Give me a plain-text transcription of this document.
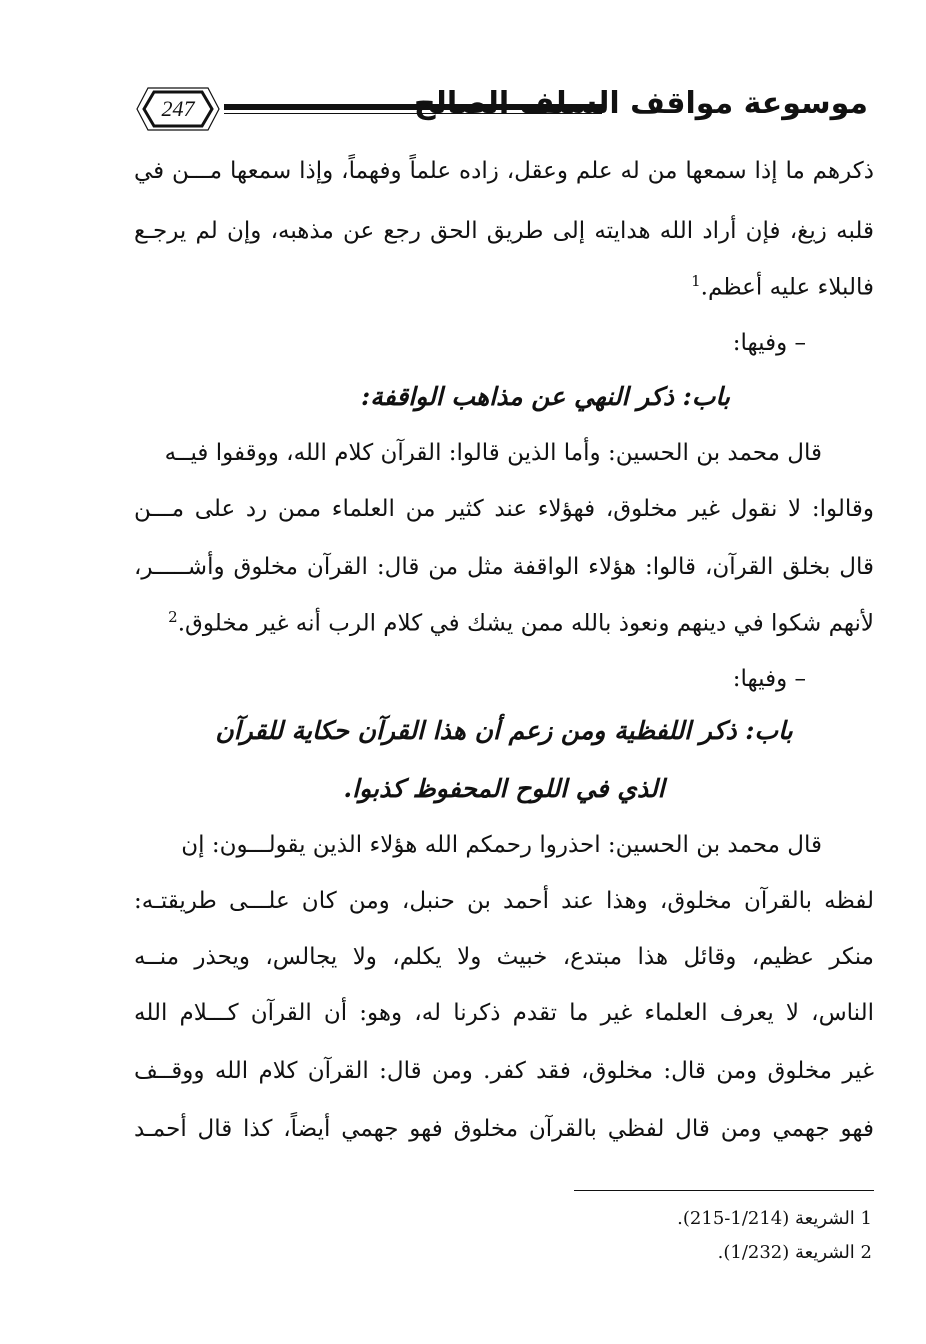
247	موسوعة مواقف السلف الصالح
ذكرهم ما إذا سمعها من له علم وعقل، زاده علماً وفهماً، وإذا سمعها مـــن في
قلبه زيغ، فإن أراد الله هدايته إلى طريق الحق رجع عن مذهبه، وإن لم يرجـع
فالبلاء عليه أعظم.$^1$
– وفيها:
باب: ذكر النهي عن مذاهب الواقفة:
قال محمد بن الحسين: وأما الذين قالوا: القرآن كلام الله، ووقفوا فيــه
وقالوا: لا نقول غير مخلوق، فهؤلاء عند كثير من العلماء ممن رد على مـــن
قال بخلق القرآن، قالوا: هؤلاء الواقفة مثل من قال: القرآن مخلوق وأشـــــر،
لأنهم شكوا في دينهم ونعوذ بالله ممن يشك في كلام الرب أنه غير مخلوق.$^2$
– وفيها:
باب: ذكر اللفظية ومن زعم أن هذا القرآن حكاية للقرآن
الذي في اللوح المحفوظ كذبوا.
قال محمد بن الحسين: احذروا رحمكم الله هؤلاء الذين يقولـــون: إن
لفظه بالقرآن مخلوق، وهذا عند أحمد بن حنبل، ومن كان علـــى طريقتـه:
منكر عظيم، وقائل هذا مبتدع، خبيث ولا يكلم، ولا يجالس، ويحذر منــه
الناس، لا يعرف العلماء غير ما تقدم ذكرنا له، وهو: أن القرآن كـــلام الله
غير مخلوق ومن قال: مخلوق، فقد كفر. ومن قال: القرآن كلام الله ووقــف
فهو جهمي ومن قال لفظي بالقرآن مخلوق فهو جهمي أيضاً، كذا قال أحمـد
1 الشريعة (1/214-215).
2 الشريعة (1/232).
